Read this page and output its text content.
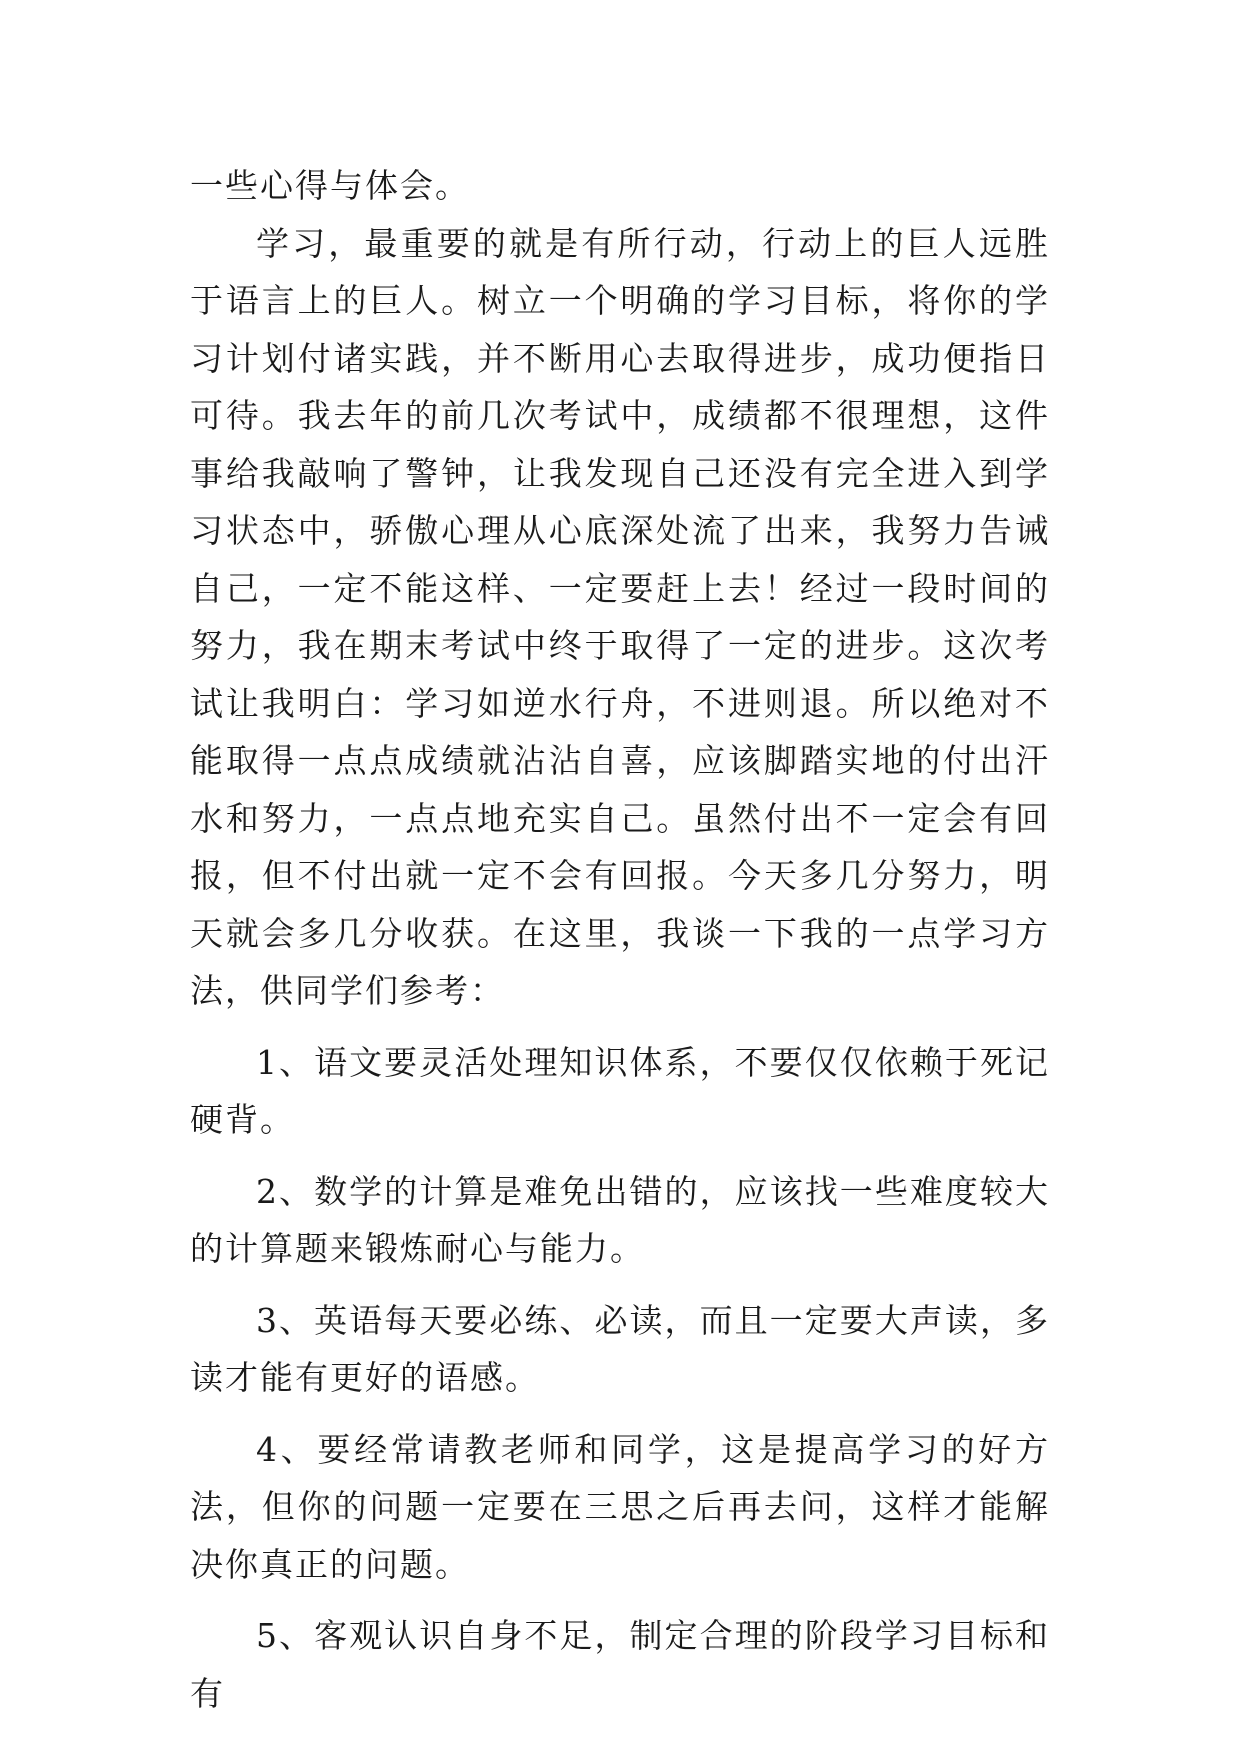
一些心得与体会。

学习，最重要的就是有所行动，行动上的巨人远胜于语言上的巨人。树立一个明确的学习目标，将你的学习计划付诸实践，并不断用心去取得进步，成功便指日可待。我去年的前几次考试中，成绩都不很理想，这件事给我敲响了警钟，让我发现自己还没有完全进入到学习状态中，骄傲心理从心底深处流了出来，我努力告诫自己，一定不能这样、一定要赶上去！经过一段时间的努力，我在期末考试中终于取得了一定的进步。这次考试让我明白：学习如逆水行舟，不进则退。所以绝对不能取得一点点成绩就沾沾自喜，应该脚踏实地的付出汗水和努力，一点点地充实自己。虽然付出不一定会有回报，但不付出就一定不会有回报。今天多几分努力，明天就会多几分收获。在这里，我谈一下我的一点学习方法，供同学们参考：

1、语文要灵活处理知识体系，不要仅仅依赖于死记硬背。

2、数学的计算是难免出错的，应该找一些难度较大的计算题来锻炼耐心与能力。

3、英语每天要必练、必读，而且一定要大声读，多读才能有更好的语感。

4、要经常请教老师和同学，这是提高学习的好方法，但你的问题一定要在三思之后再去问，这样才能解决你真正的问题。

5、客观认识自身不足，制定合理的阶段学习目标和有
